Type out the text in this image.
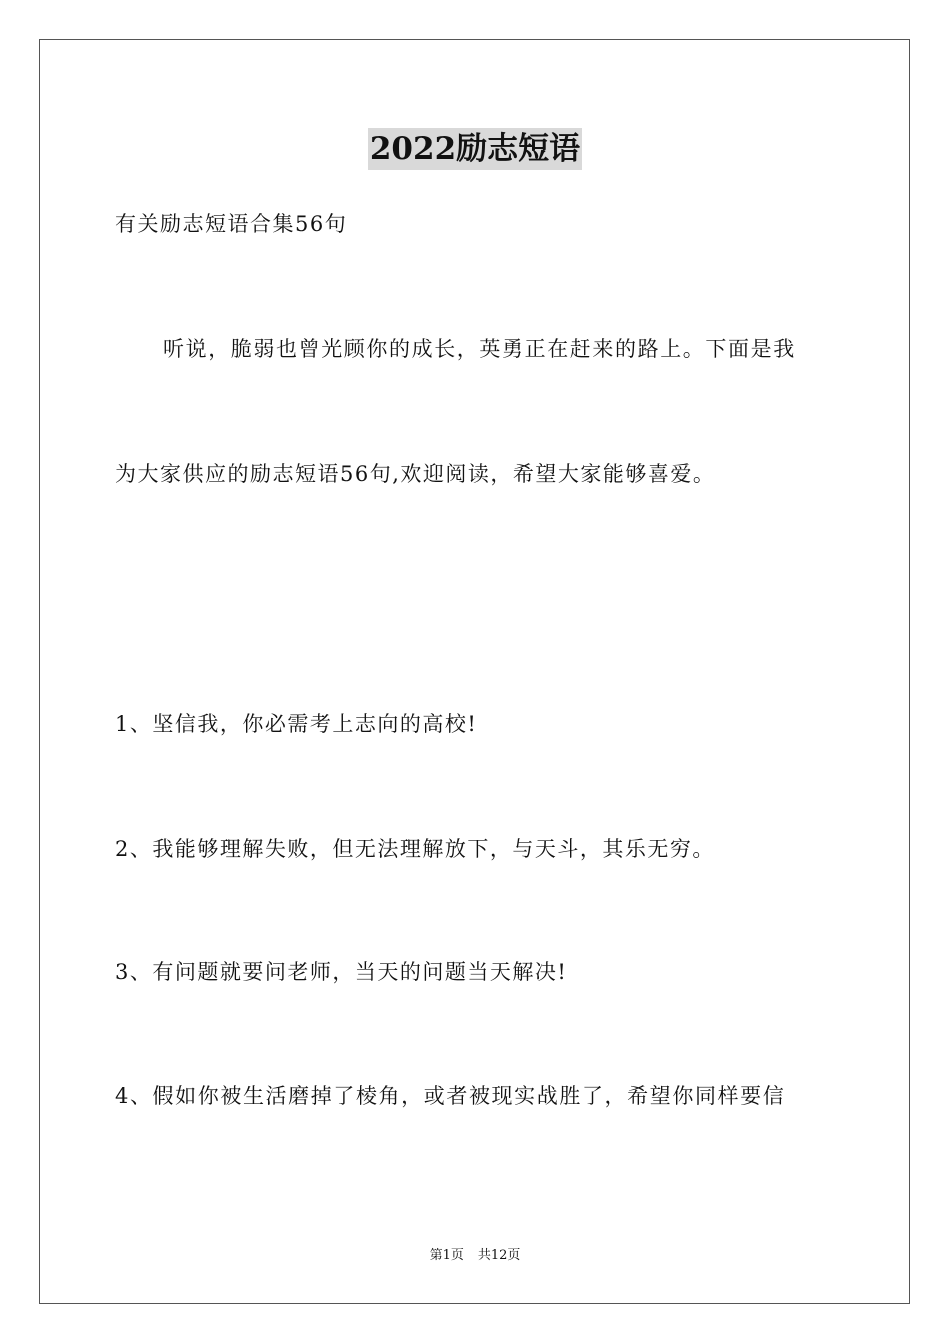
2022励志短语
有关励志短语合集56句
听说，脆弱也曾光顾你的成长，英勇正在赶来的路上。下面是我
为大家供应的励志短语56句,欢迎阅读，希望大家能够喜爱。
1、坚信我，你必需考上志向的高校!
2、我能够理解失败，但无法理解放下，与天斗，其乐无穷。
3、有问题就要问老师，当天的问题当天解决!
4、假如你被生活磨掉了棱角，或者被现实战胜了，希望你同样要信
第1页 共12页
